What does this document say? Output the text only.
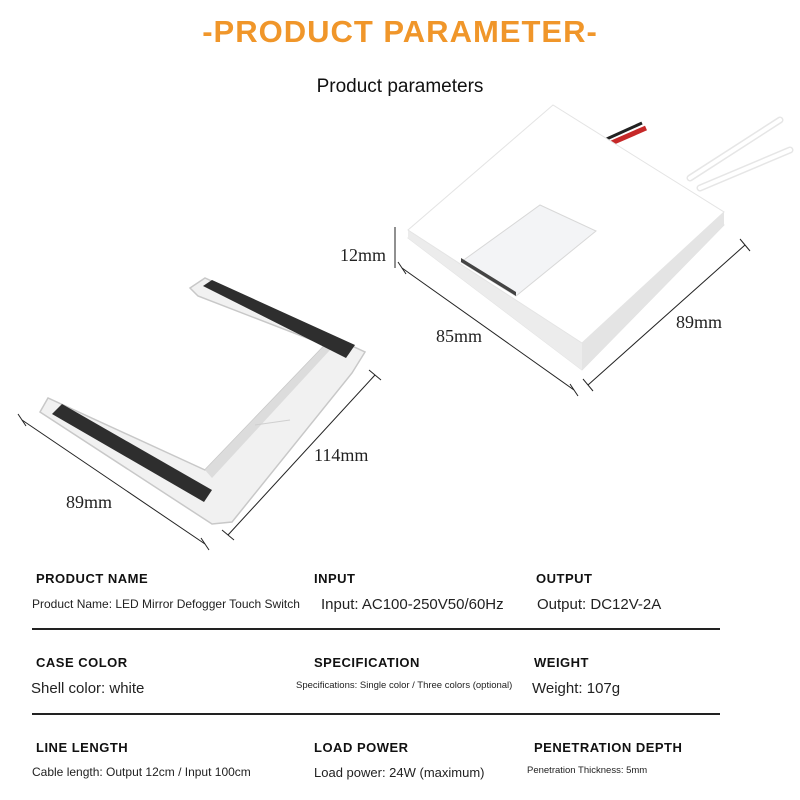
-PRODUCT PARAMETER-
Product parameters
12mm
85mm
89mm
114mm
89mm
PRODUCT NAME
Product Name: LED Mirror Defogger Touch Switch
INPUT
Input: AC100-250V50/60Hz
OUTPUT
Output: DC12V-2A
CASE COLOR
Shell color: white
SPECIFICATION
Specifications: Single color / Three colors (optional)
WEIGHT
Weight: 107g
LINE LENGTH
Cable length: Output 12cm / Input 100cm
LOAD POWER
Load power: 24W (maximum)
PENETRATION DEPTH
Penetration Thickness: 5mm
